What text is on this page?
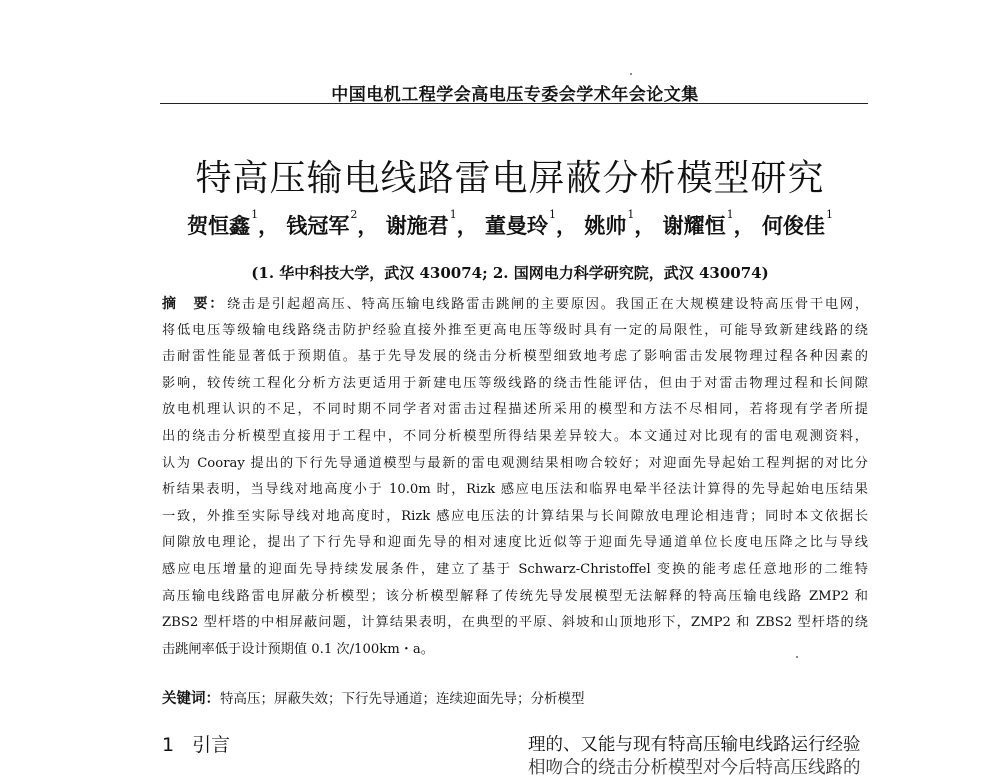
中国电机工程学会高电压专委会学术年会论文集
特高压输电线路雷电屏蔽分析模型研究
贺恒鑫$^1$， 钱冠军$^2$， 谢施君$^1$， 董曼玲$^1$， 姚帅$^1$， 谢耀恒$^1$， 何俊佳$^1$
(1. 华中科技大学，武汉 430074; 2. 国网电力科学研究院，武汉 430074)
摘　要： 绕击是引起超高压、特高压输电线路雷击跳闸的主要原因。我国正在大规模建设特高压骨干电网，
将低电压等级输电线路绕击防护经验直接外推至更高电压等级时具有一定的局限性，可能导致新建线路的绕
击耐雷性能显著低于预期值。基于先导发展的绕击分析模型细致地考虑了影响雷击发展物理过程各种因素的
影响，较传统工程化分析方法更适用于新建电压等级线路的绕击性能评估，但由于对雷击物理过程和长间隙
放电机理认识的不足，不同时期不同学者对雷击过程描述所采用的模型和方法不尽相同，若将现有学者所提
出的绕击分析模型直接用于工程中，不同分析模型所得结果差异较大。本文通过对比现有的雷电观测资料，
认为 Cooray 提出的下行先导通道模型与最新的雷电观测结果相吻合较好；对迎面先导起始工程判据的对比分
析结果表明，当导线对地高度小于 10.0m 时，Rizk 感应电压法和临界电晕半径法计算得的先导起始电压结果
一致，外推至实际导线对地高度时，Rizk 感应电压法的计算结果与长间隙放电理论相违背；同时本文依据长
间隙放电理论，提出了下行先导和迎面先导的相对速度比近似等于迎面先导通道单位长度电压降之比与导线
感应电压增量的迎面先导持续发展条件，建立了基于 Schwarz-Christoffel 变换的能考虑任意地形的二维特
高压输电线路雷电屏蔽分析模型；该分析模型解释了传统先导发展模型无法解释的特高压输电线路 ZMP2 和
ZBS2 型杆塔的中相屏蔽问题，计算结果表明，在典型的平原、斜坡和山顶地形下，ZMP2 和 ZBS2 型杆塔的绕
击跳闸率低于设计预期值 0.1 次/100km・a。
关键词：特高压；屏蔽失效；下行先导通道；连续迎面先导；分析模型
1 引言	理的、又能与现有特高压输电线路运行经验
相吻合的绕击分析模型对今后特高压线路的
